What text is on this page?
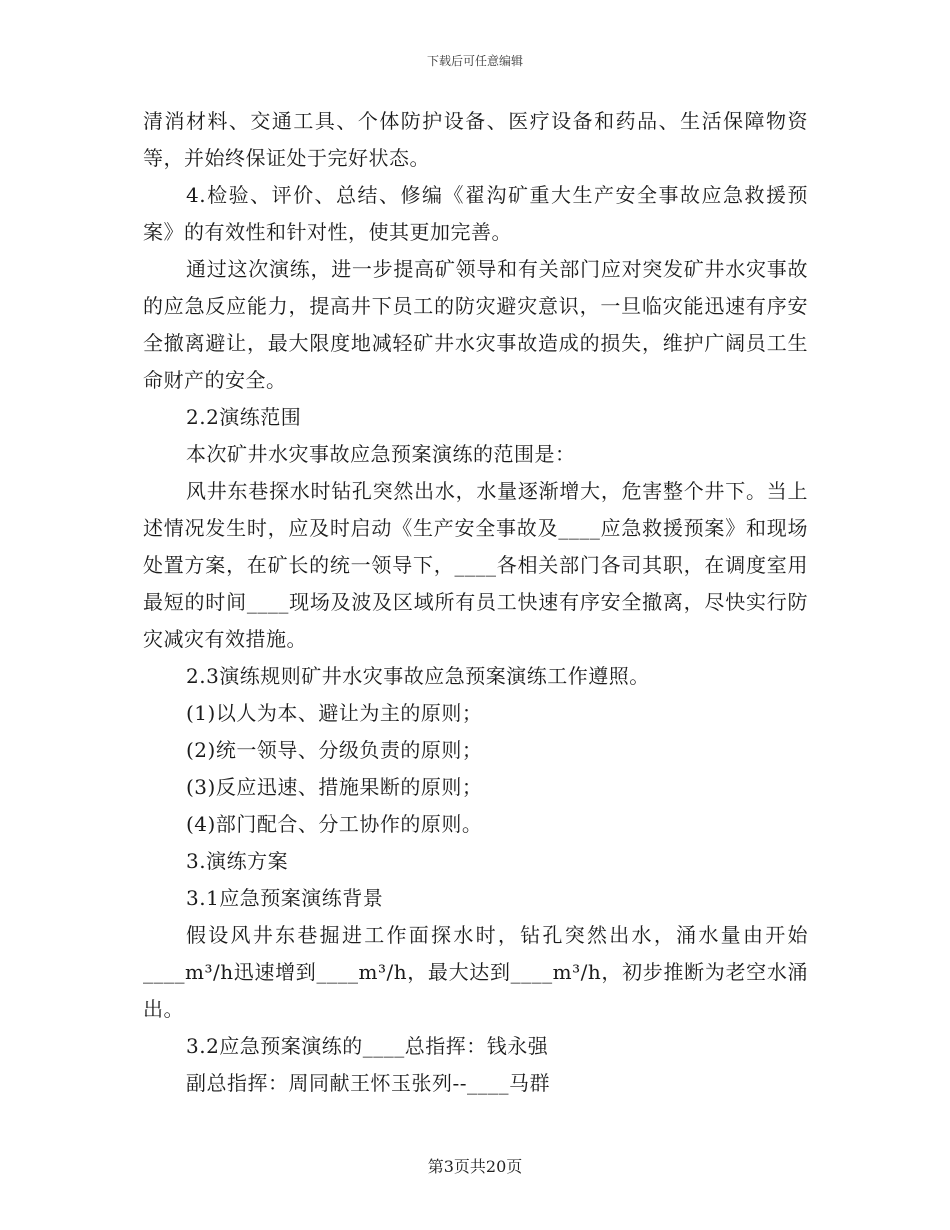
下载后可任意编辑

清消材料、交通工具、个体防护设备、医疗设备和药品、生活保障物资等，并始终保证处于完好状态。

4.检验、评价、总结、修编《翟沟矿重大生产安全事故应急救援预案》的有效性和针对性，使其更加完善。

通过这次演练，进一步提高矿领导和有关部门应对突发矿井水灾事故的应急反应能力，提高井下员工的防灾避灾意识，一旦临灾能迅速有序安全撤离避让，最大限度地减轻矿井水灾事故造成的损失，维护广阔员工生命财产的安全。

2.2演练范围

本次矿井水灾事故应急预案演练的范围是：

风井东巷探水时钻孔突然出水，水量逐渐增大，危害整个井下。当上述情况发生时，应及时启动《生产安全事故及____应急救援预案》和现场处置方案，在矿长的统一领导下，____各相关部门各司其职，在调度室用最短的时间____现场及波及区域所有员工快速有序安全撤离，尽快实行防灾减灾有效措施。

2.3演练规则矿井水灾事故应急预案演练工作遵照。

(1)以人为本、避让为主的原则；

(2)统一领导、分级负责的原则；

(3)反应迅速、措施果断的原则；

(4)部门配合、分工协作的原则。

3.演练方案

3.1应急预案演练背景

假设风井东巷掘进工作面探水时，钻孔突然出水，涌水量由开始____m³/h迅速增到____m³/h，最大达到____m³/h，初步推断为老空水涌出。

3.2应急预案演练的____总指挥：钱永强

副总指挥：周同献王怀玉张列--____马群

第3页共20页
